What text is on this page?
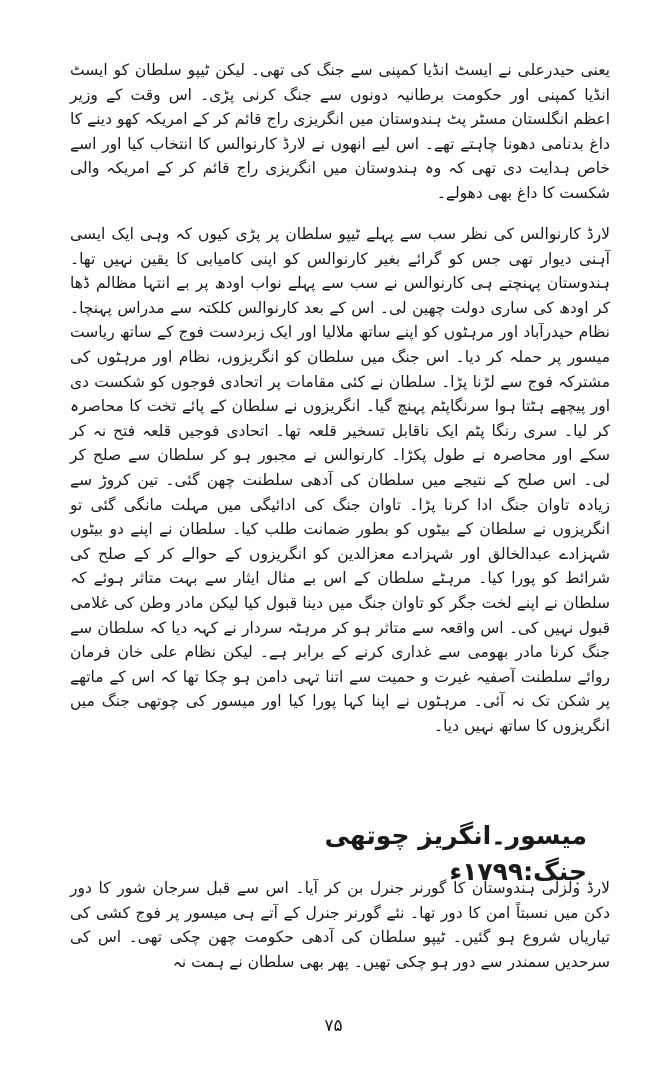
یعنی حیدرعلی نے ایسٹ انڈیا کمپنی سے جنگ کی تھی۔ لیکن ٹیپو سلطان کو ایسٹ انڈیا کمپنی اور حکومت برطانیہ دونوں سے جنگ کرنی پڑی۔ اس وقت کے وزیر اعظم انگلستان مسٹر پٹ ہندوستان میں انگریزی راج قائم کر کے امریکہ کھو دینے کا داغ بدنامی دھونا چاہتے تھے۔ اس لیے انھوں نے لارڈ کارنوالس کا انتخاب کیا اور اسے خاص ہدایت دی تھی کہ وہ ہندوستان میں انگریزی راج قائم کر کے امریکہ والی شکست کا داغ بھی دھولے۔

لارڈ کارنوالس کی نظر سب سے پہلے ٹیپو سلطان پر پڑی کیوں کہ وہی ایک ایسی آہنی دیوار تھی جس کو گرائے بغیر کارنوالس کو اپنی کامیابی کا یقین نہیں تھا۔ ہندوستان پہنچتے ہی کارنوالس نے سب سے پہلے نواب اودھ پر بے انتہا مظالم ڈھا کر اودھ کی ساری دولت چھین لی۔ اس کے بعد کارنوالس کلکتہ سے مدراس پہنچا۔ نظام حیدرآباد اور مرہٹوں کو اپنے ساتھ ملالیا اور ایک زبردست فوج کے ساتھ ریاست میسور پر حملہ کر دیا۔ اس جنگ میں سلطان کو انگریزوں، نظام اور مرہٹوں کی مشترکہ فوج سے لڑنا پڑا۔ سلطان نے کئی مقامات پر اتحادی فوجوں کو شکست دی اور پیچھے ہٹتا ہوا سرنگاپٹم پہنچ گیا۔ انگریزوں نے سلطان کے پائے تخت کا محاصرہ کر لیا۔ سری رنگا پٹم ایک ناقابل تسخیر قلعہ تھا۔ اتحادی فوجیں قلعہ فتح نہ کر سکے اور محاصرہ نے طول پکڑا۔ کارنوالس نے مجبور ہو کر سلطان سے صلح کر لی۔ اس صلح کے نتیجے میں سلطان کی آدھی سلطنت چھن گئی۔ تین کروڑ سے زیادہ تاوان جنگ ادا کرنا پڑا۔ تاوان جنگ کی ادائیگی میں مہلت مانگی گئی تو انگریزوں نے سلطان کے بیٹوں کو بطور ضمانت طلب کیا۔ سلطان نے اپنے دو بیٹوں شہزادے عبدالخالق اور شہزادے معزالدین کو انگریزوں کے حوالے کر کے صلح کی شرائط کو پورا کیا۔ مرہٹے سلطان کے اس بے مثال ایثار سے بہت متاثر ہوئے کہ سلطان نے اپنے لخت جگر کو تاوان جنگ میں دینا قبول کیا لیکن مادر وطن کی غلامی قبول نہیں کی۔ اس واقعہ سے متاثر ہو کر مرہٹہ سردار نے کہہ دیا کہ سلطان سے جنگ کرنا مادر بھومی سے غداری کرنے کے برابر ہے۔ لیکن نظام علی خان فرمان روائے سلطنت آصفیہ غیرت و حمیت سے اتنا تہی دامن ہو چکا تھا کہ اس کے ماتھے پر شکن تک نہ آئی۔ مرہٹوں نے اپنا کہا پورا کیا اور میسور کی چوتھی جنگ میں انگریزوں کا ساتھ نہیں دیا۔

میسور۔انگریز چوتھی جنگ:۱۷۹۹ء

لارڈ ولزلی ہندوستان کا گورنر جنرل بن کر آیا۔ اس سے قبل سرجان شور کا دور دکن میں نسبتاً امن کا دور تھا۔ نئے گورنر جنرل کے آتے ہی میسور پر فوج کشی کی تیاریاں شروع ہو گئیں۔ ٹیپو سلطان کی آدھی حکومت چھن چکی تھی۔ اس کی سرحدیں سمندر سے دور ہو چکی تھیں۔ پھر بھی سلطان نے ہمت نہ

۷۵
